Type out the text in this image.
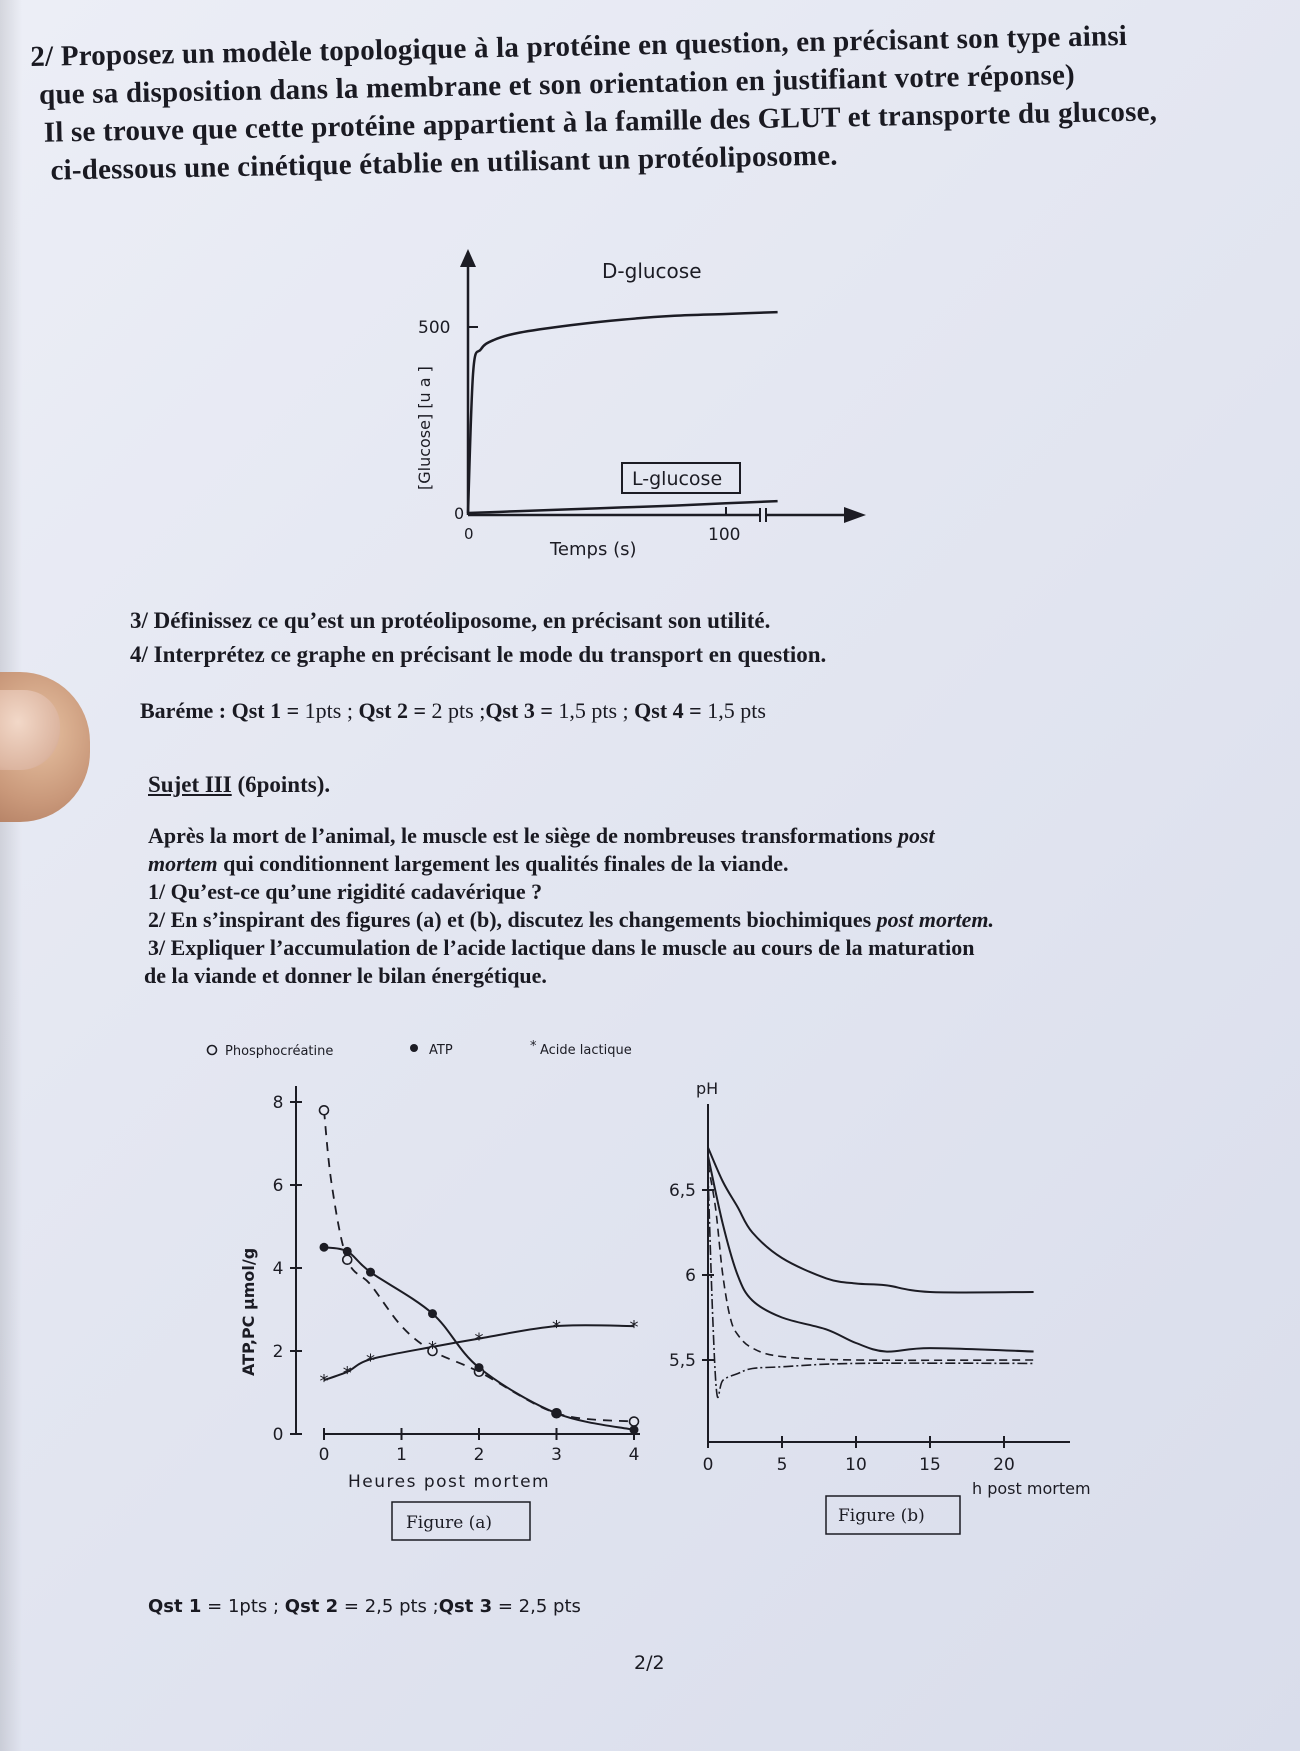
2/ Proposez un modèle topologique à la protéine en question, en précisant son type ainsi
que sa disposition dans la membrane et son orientation en justifiant votre réponse)
Il se trouve que cette protéine appartient à la famille des GLUT et transporte du glucose,
ci-dessous une cinétique établie en utilisant un protéoliposome.
500
0
0	100
Temps (s)
[Glucose] [u a ]
D-glucose
L-glucose
3/ Définissez ce qu’est un protéoliposome, en précisant son utilité.
4/ Interprétez ce graphe en précisant le mode du transport en question.
Baréme : Qst 1 = 1pts ; Qst 2 = 2 pts ;Qst 3 = 1,5 pts ; Qst 4 = 1,5 pts
Sujet III (6points).
Après la mort de l’animal, le muscle est le siège de nombreuses transformations post
mortem qui conditionnent largement les qualités finales de la viande.
1/ Qu’est-ce qu’une rigidité cadavérique ?
2/ En s’inspirant des figures (a) et (b), discutez les changements biochimiques post mortem.
3/ Expliquer l’accumulation de l’acide lactique dans le muscle au cours de la maturation
de la viande et donner le bilan énergétique.
Phosphocréatine	ATP	* Acide lactique
0
2
4
6
8
0	1	2	3	4
ATP,PC µmol/g
Heures post mortem
* *
*
* *
*	*
Figure (a)
pH
5,5
6
6,5
0	5	10	15	20
h post mortem
Figure (b)
Qst 1 = 1pts ; Qst 2 = 2,5 pts ;Qst 3 = 2,5 pts
2/2
